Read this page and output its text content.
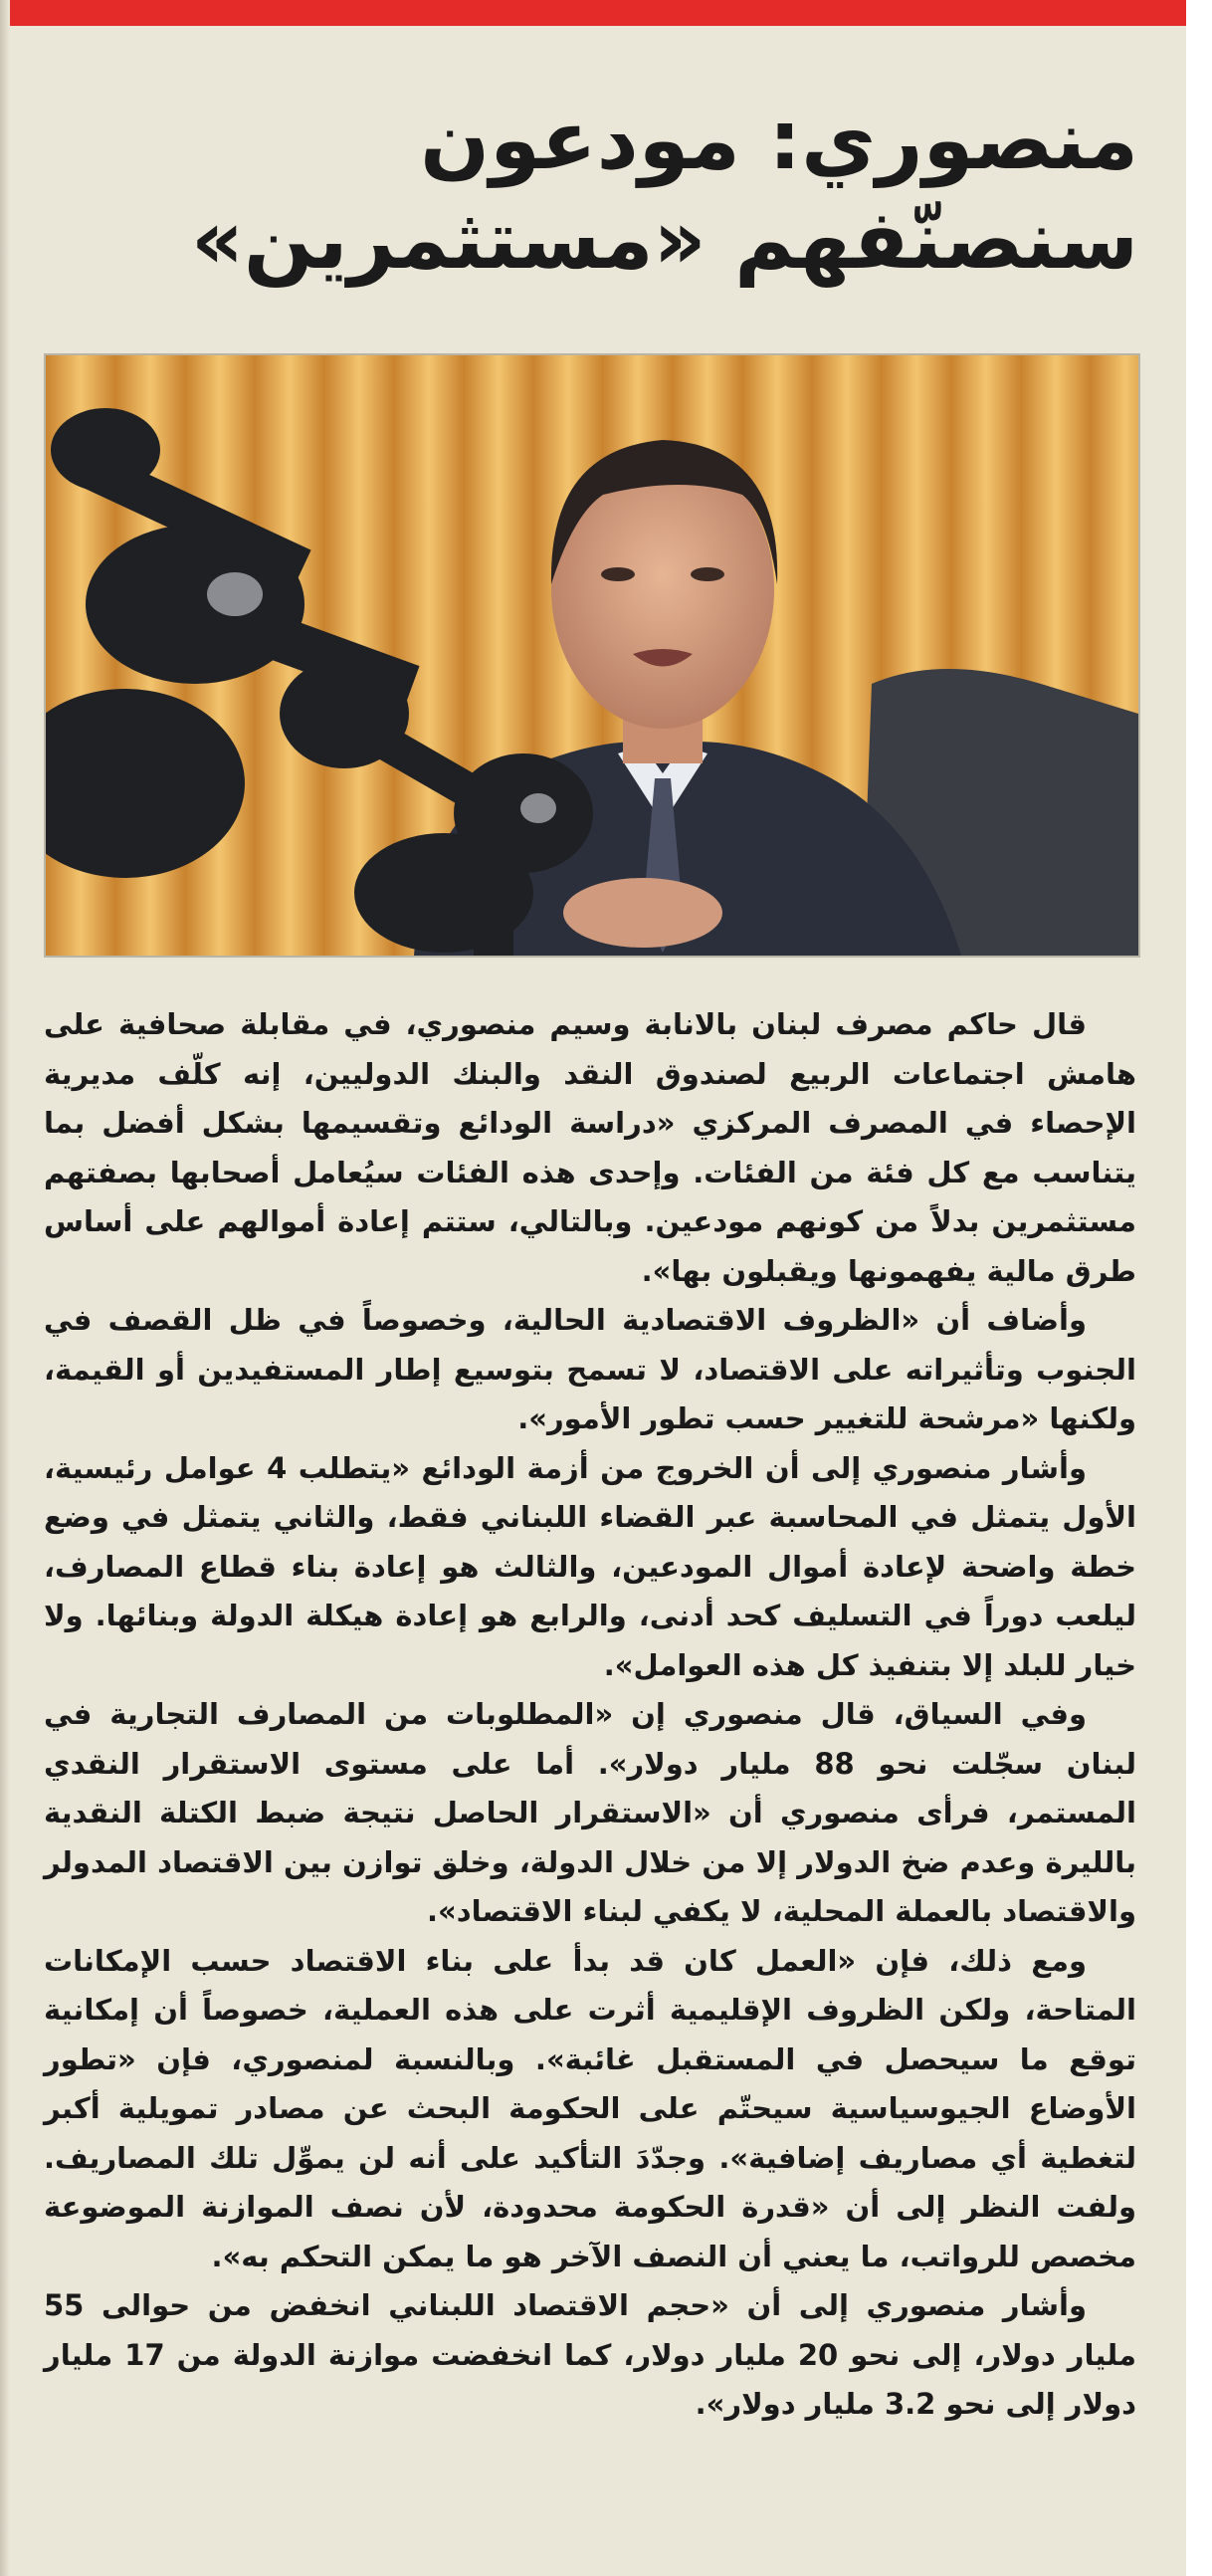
منصوري: مودعون
سنصنّفهم «مستثمرين»

قال حاكم مصرف لبنان بالانابة وسيم منصوري، في مقابلة صحافية على هامش اجتماعات الربيع لصندوق النقد والبنك الدوليين، إنه كلّف مديرية الإحصاء في المصرف المركزي «دراسة الودائع وتقسيمها بشكل أفضل بما يتناسب مع كل فئة من الفئات. وإحدى هذه الفئات سيُعامل أصحابها بصفتهم مستثمرين بدلاً من كونهم مودعين. وبالتالي، ستتم إعادة أموالهم على أساس طرق مالية يفهمونها ويقبلون بها».

وأضاف أن «الظروف الاقتصادية الحالية، وخصوصاً في ظل القصف في الجنوب وتأثيراته على الاقتصاد، لا تسمح بتوسيع إطار المستفيدين أو القيمة، ولكنها «مرشحة للتغيير حسب تطور الأمور».

وأشار منصوري إلى أن الخروج من أزمة الودائع «يتطلب 4 عوامل رئيسية، الأول يتمثل في المحاسبة عبر القضاء اللبناني فقط، والثاني يتمثل في وضع خطة واضحة لإعادة أموال المودعين، والثالث هو إعادة بناء قطاع المصارف، ليلعب دوراً في التسليف كحد أدنى، والرابع هو إعادة هيكلة الدولة وبنائها. ولا خيار للبلد إلا بتنفيذ كل هذه العوامل».

وفي السياق، قال منصوري إن «المطلوبات من المصارف التجارية في لبنان سجّلت نحو 88 مليار دولار». أما على مستوى الاستقرار النقدي المستمر، فرأى منصوري أن «الاستقرار الحاصل نتيجة ضبط الكتلة النقدية بالليرة وعدم ضخ الدولار إلا من خلال الدولة، وخلق توازن بين الاقتصاد المدولر والاقتصاد بالعملة المحلية، لا يكفي لبناء الاقتصاد».

ومع ذلك، فإن «العمل كان قد بدأ على بناء الاقتصاد حسب الإمكانات المتاحة، ولكن الظروف الإقليمية أثرت على هذه العملية، خصوصاً أن إمكانية توقع ما سيحصل في المستقبل غائبة». وبالنسبة لمنصوري، فإن «تطور الأوضاع الجيوسياسية سيحتّم على الحكومة البحث عن مصادر تمويلية أكبر لتغطية أي مصاريف إضافية». وجدّدَ التأكيد على أنه لن يموِّل تلك المصاريف. ولفت النظر إلى أن «قدرة الحكومة محدودة، لأن نصف الموازنة الموضوعة مخصص للرواتب، ما يعني أن النصف الآخر هو ما يمكن التحكم به».

وأشار منصوري إلى أن «حجم الاقتصاد اللبناني انخفض من حوالى 55 مليار دولار، إلى نحو 20 مليار دولار، كما انخفضت موازنة الدولة من 17 مليار دولار إلى نحو 3.2 مليار دولار».
